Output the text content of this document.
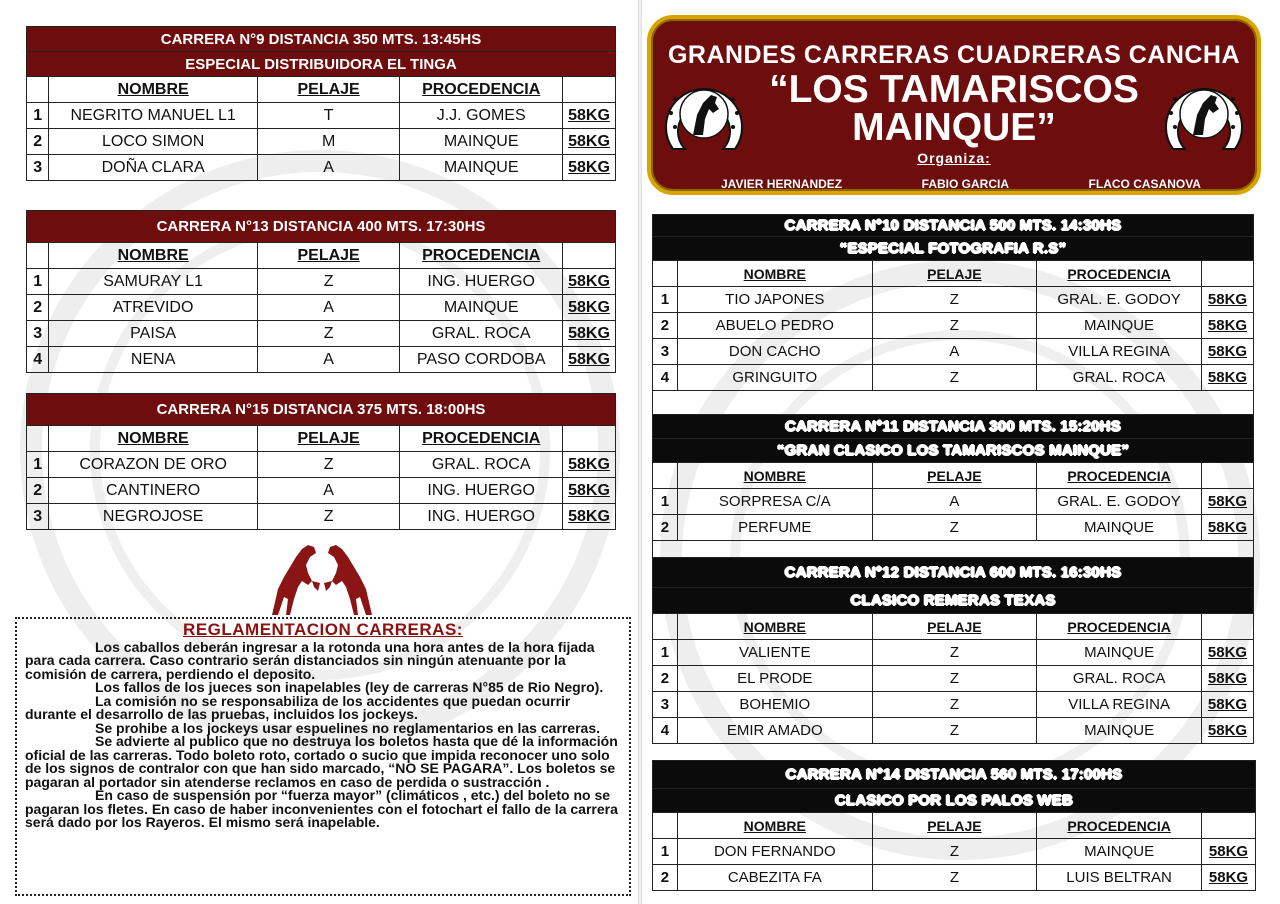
CARRERA N°9 DISTANCIA 350 MTS. 13:45HS				
ESPECIAL DISTRIBUIDORA EL TINGA				
	NOMBRE	PELAJE	PROCEDENCIA	
1	NEGRITO MANUEL L1	T	J.J. GOMES	58KG
2	LOCO SIMON	M	MAINQUE	58KG
3	DOÑA CLARA	A	MAINQUE	58KG
CARRERA N°13 DISTANCIA 400 MTS. 17:30HS				
	NOMBRE	PELAJE	PROCEDENCIA	
1	SAMURAY L1	Z	ING. HUERGO	58KG
2	ATREVIDO	A	MAINQUE	58KG
3	PAISA	Z	GRAL. ROCA	58KG
4	NENA	A	PASO CORDOBA	58KG
CARRERA N°15 DISTANCIA 375 MTS. 18:00HS				
	NOMBRE	PELAJE	PROCEDENCIA	
1	CORAZON DE ORO	Z	GRAL. ROCA	58KG
2	CANTINERO	A	ING. HUERGO	58KG
3	NEGROJOSE	Z	ING. HUERGO	58KG
REGLAMENTACION CARRERAS:

Los caballos deberán ingresar a la rotonda una hora antes de la hora fijada para cada carrera. Caso contrario serán distanciados sin ningún atenuante por la comisión de carrera, perdiendo el deposito.

Los fallos de los jueces son inapelables (ley de carreras N°85 de Rio Negro).

La comisión no se responsabiliza de los accidentes que puedan ocurrir durante el desarrollo de las pruebas, incluidos los jockeys.

Se prohibe a los jockeys usar espuelines no reglamentarios en las carreras.

Se advierte al publico que no destruya los boletos hasta que dé la información oficial de las carreras. Todo boleto roto, cortado o sucio que impida reconocer uno solo de los signos de contralor con que han sido marcado, “NO SE PAGARA”. Los boletos se pagaran al portador sin atenderse reclamos en caso de perdida o sustracción .

En caso de suspensión por “fuerza mayor” (climáticos , etc.) del boleto no se pagaran los fletes. En caso de haber inconvenientes con el fotochart el fallo de la carrera será dado por los Rayeros. El mismo será inapelable.

GRANDES CARRERAS CUADRERAS CANCHA
“LOS TAMARISCOS
MAINQUE”
Organiza:
JAVIER HERNANDEZ	FABIO GARCIA	FLACO CASANOVA
CARRERA N°10 DISTANCIA 500 MTS. 14:30HS				
“ESPECIAL FOTOGRAFIA R.S”				
	NOMBRE	PELAJE	PROCEDENCIA	
1	TIO JAPONES	Z	GRAL. E. GODOY	58KG
2	ABUELO PEDRO	Z	MAINQUE	58KG
3	DON CACHO	A	VILLA REGINA	58KG
4	GRINGUITO	Z	GRAL. ROCA	58KG

CARRERA N°11 DISTANCIA 300 MTS. 15:20HS				
“GRAN CLASICO LOS TAMARISCOS MAINQUE”				
	NOMBRE	PELAJE	PROCEDENCIA	
1	SORPRESA C/A	A	GRAL. E. GODOY	58KG
2	PERFUME	Z	MAINQUE	58KG

CARRERA N°12 DISTANCIA 600 MTS. 16:30HS				
CLASICO REMERAS TEXAS				
	NOMBRE	PELAJE	PROCEDENCIA	
1	VALIENTE	Z	MAINQUE	58KG
2	EL PRODE	Z	GRAL. ROCA	58KG
3	BOHEMIO	Z	VILLA REGINA	58KG
4	EMIR AMADO	Z	MAINQUE	58KG
CARRERA N°14 DISTANCIA 560 MTS. 17:00HS				
CLASICO POR LOS PALOS WEB				
	NOMBRE	PELAJE	PROCEDENCIA	
1	DON FERNANDO	Z	MAINQUE	58KG
2	CABEZITA FA	Z	LUIS BELTRAN	58KG
